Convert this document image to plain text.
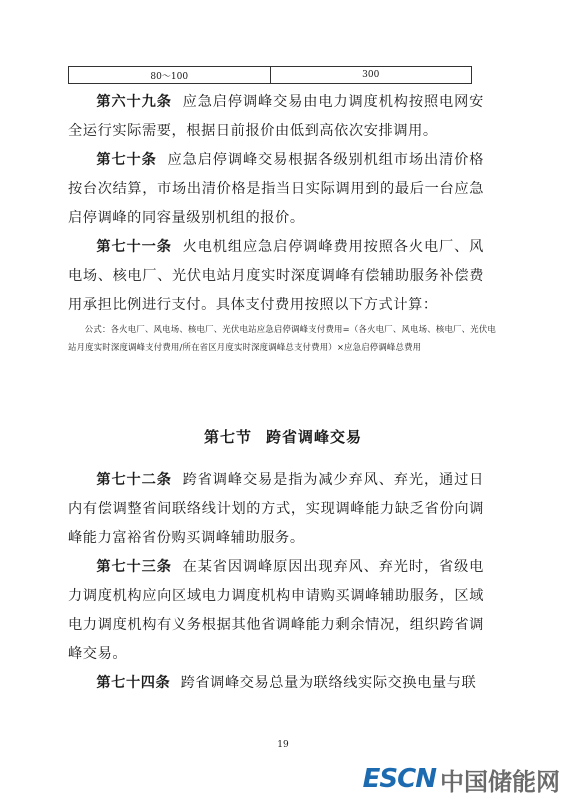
80～100	300

第六十九条 应急启停调峰交易由电力调度机构按照电网安全运行实际需要，根据日前报价由低到高依次安排调用。

第七十条 应急启停调峰交易根据各级别机组市场出清价格按台次结算，市场出清价格是指当日实际调用到的最后一台应急启停调峰的同容量级别机组的报价。

第七十一条 火电机组应急启停调峰费用按照各火电厂、风电场、核电厂、光伏电站月度实时深度调峰有偿辅助服务补偿费用承担比例进行支付。具体支付费用按照以下方式计算：

公式：各火电厂、风电场、核电厂、光伏电站应急启停调峰支付费用=（各火电厂、风电场、核电厂、光伏电站月度实时深度调峰支付费用/所在省区月度实时深度调峰总支付费用）×应急启停调峰总费用

第七节 跨省调峰交易

第七十二条 跨省调峰交易是指为减少弃风、弃光，通过日内有偿调整省间联络线计划的方式，实现调峰能力缺乏省份向调峰能力富裕省份购买调峰辅助服务。

第七十三条 在某省因调峰原因出现弃风、弃光时，省级电力调度机构应向区域电力调度机构申请购买调峰辅助服务，区域电力调度机构有义务根据其他省调峰能力剩余情况，组织跨省调峰交易。

第七十四条 跨省调峰交易总量为联络线实际交换电量与联

19
ESCN 中国储能网
